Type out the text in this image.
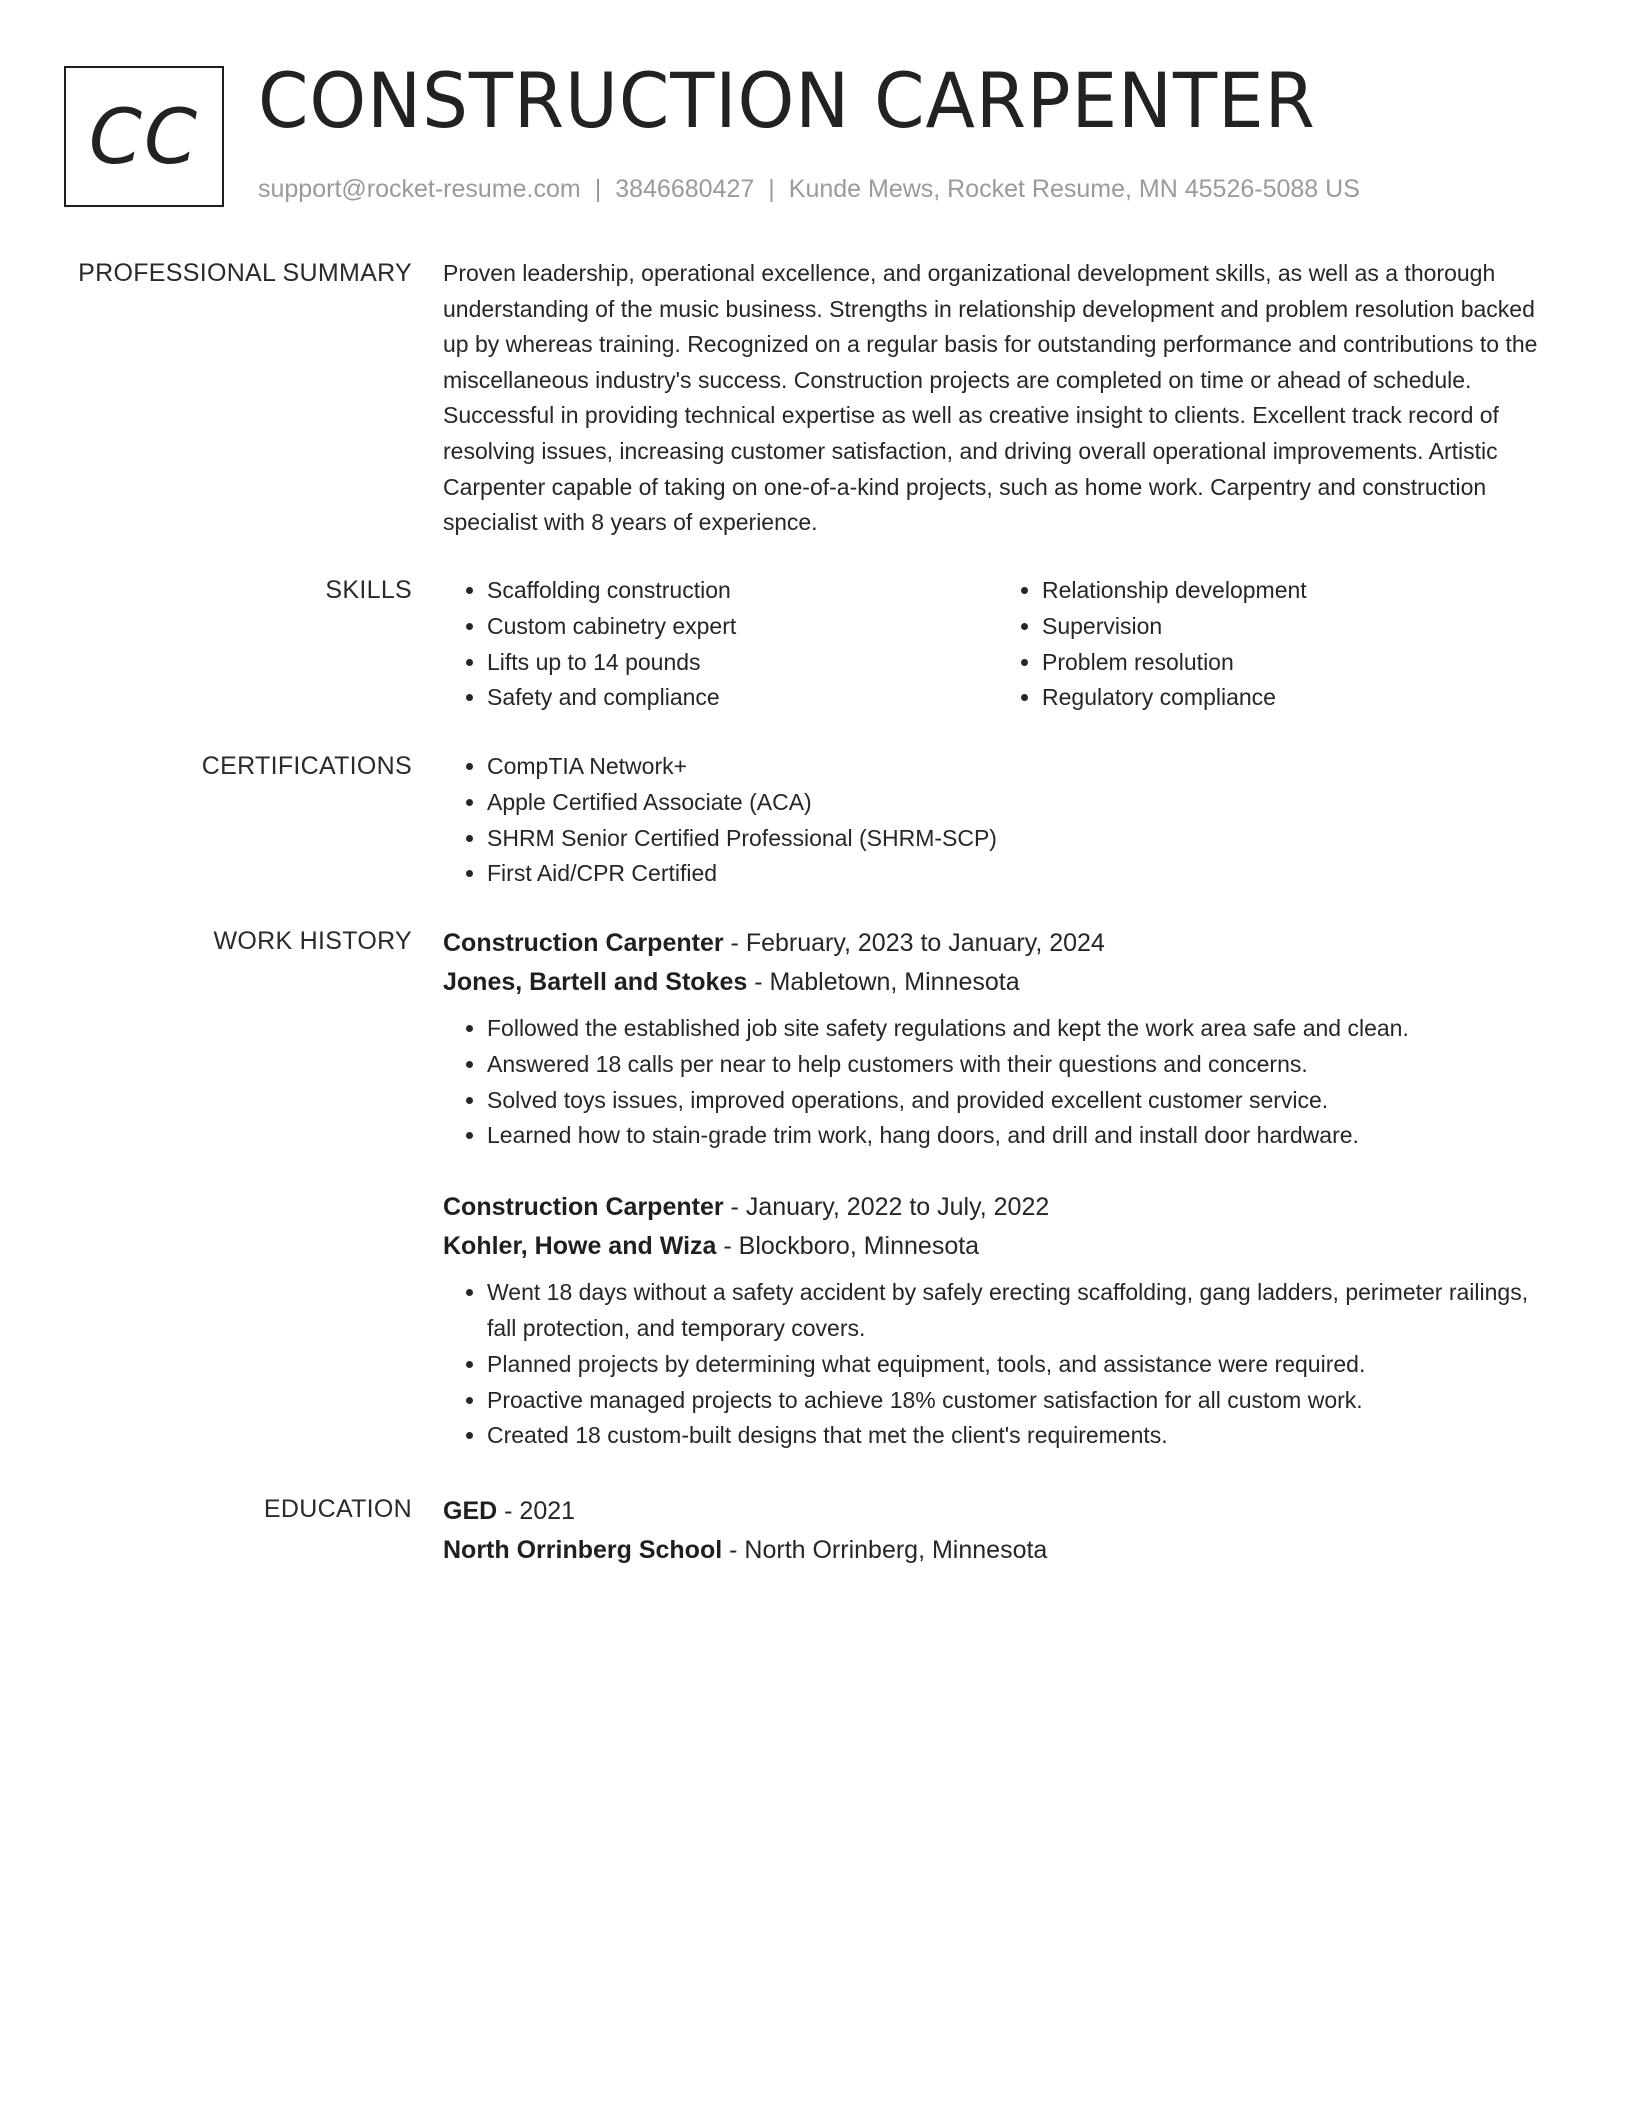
CC CONSTRUCTION CARPENTER
support@rocket-resume.com | 3846680427 | Kunde Mews, Rocket Resume, MN 45526-5088 US
PROFESSIONAL SUMMARY Proven leadership, operational excellence, and organizational development skills, as well as a thorough understanding of the music business. Strengths in relationship development and problem resolution backed up by whereas training. Recognized on a regular basis for outstanding performance and contributions to the miscellaneous industry's success. Construction projects are completed on time or ahead of schedule. Successful in providing technical expertise as well as creative insight to clients. Excellent track record of resolving issues, increasing customer satisfaction, and driving overall operational improvements. Artistic Carpenter capable of taking on one-of-a-kind projects, such as home work. Carpentry and construction specialist with 8 years of experience.

SKILLS	• Scaffolding construction
• Custom cabinetry expert
• Lifts up to 14 pounds
• Safety and compliance
• Relationship development
• Supervision
• Problem resolution
• Regulatory compliance
CERTIFICATIONS	• CompTIA Network+
• Apple Certified Associate (ACA)
• SHRM Senior Certified Professional (SHRM-SCP)
• First Aid/CPR Certified
WORK HISTORY Construction Carpenter - February, 2023 to January, 2024
Jones, Bartell and Stokes - Mabletown, Minnesota
• Followed the established job site safety regulations and kept the work area safe and clean.
• Answered 18 calls per near to help customers with their questions and concerns.
• Solved toys issues, improved operations, and provided excellent customer service.
• Learned how to stain-grade trim work, hang doors, and drill and install door hardware.
Construction Carpenter - January, 2022 to July, 2022
Kohler, Howe and Wiza - Blockboro, Minnesota
• Went 18 days without a safety accident by safely erecting scaffolding, gang ladders, perimeter railings, fall protection, and temporary covers.
• Planned projects by determining what equipment, tools, and assistance were required.
• Proactive managed projects to achieve 18% customer satisfaction for all custom work.
• Created 18 custom-built designs that met the client's requirements.
EDUCATION GED - 2021
North Orrinberg School - North Orrinberg, Minnesota
